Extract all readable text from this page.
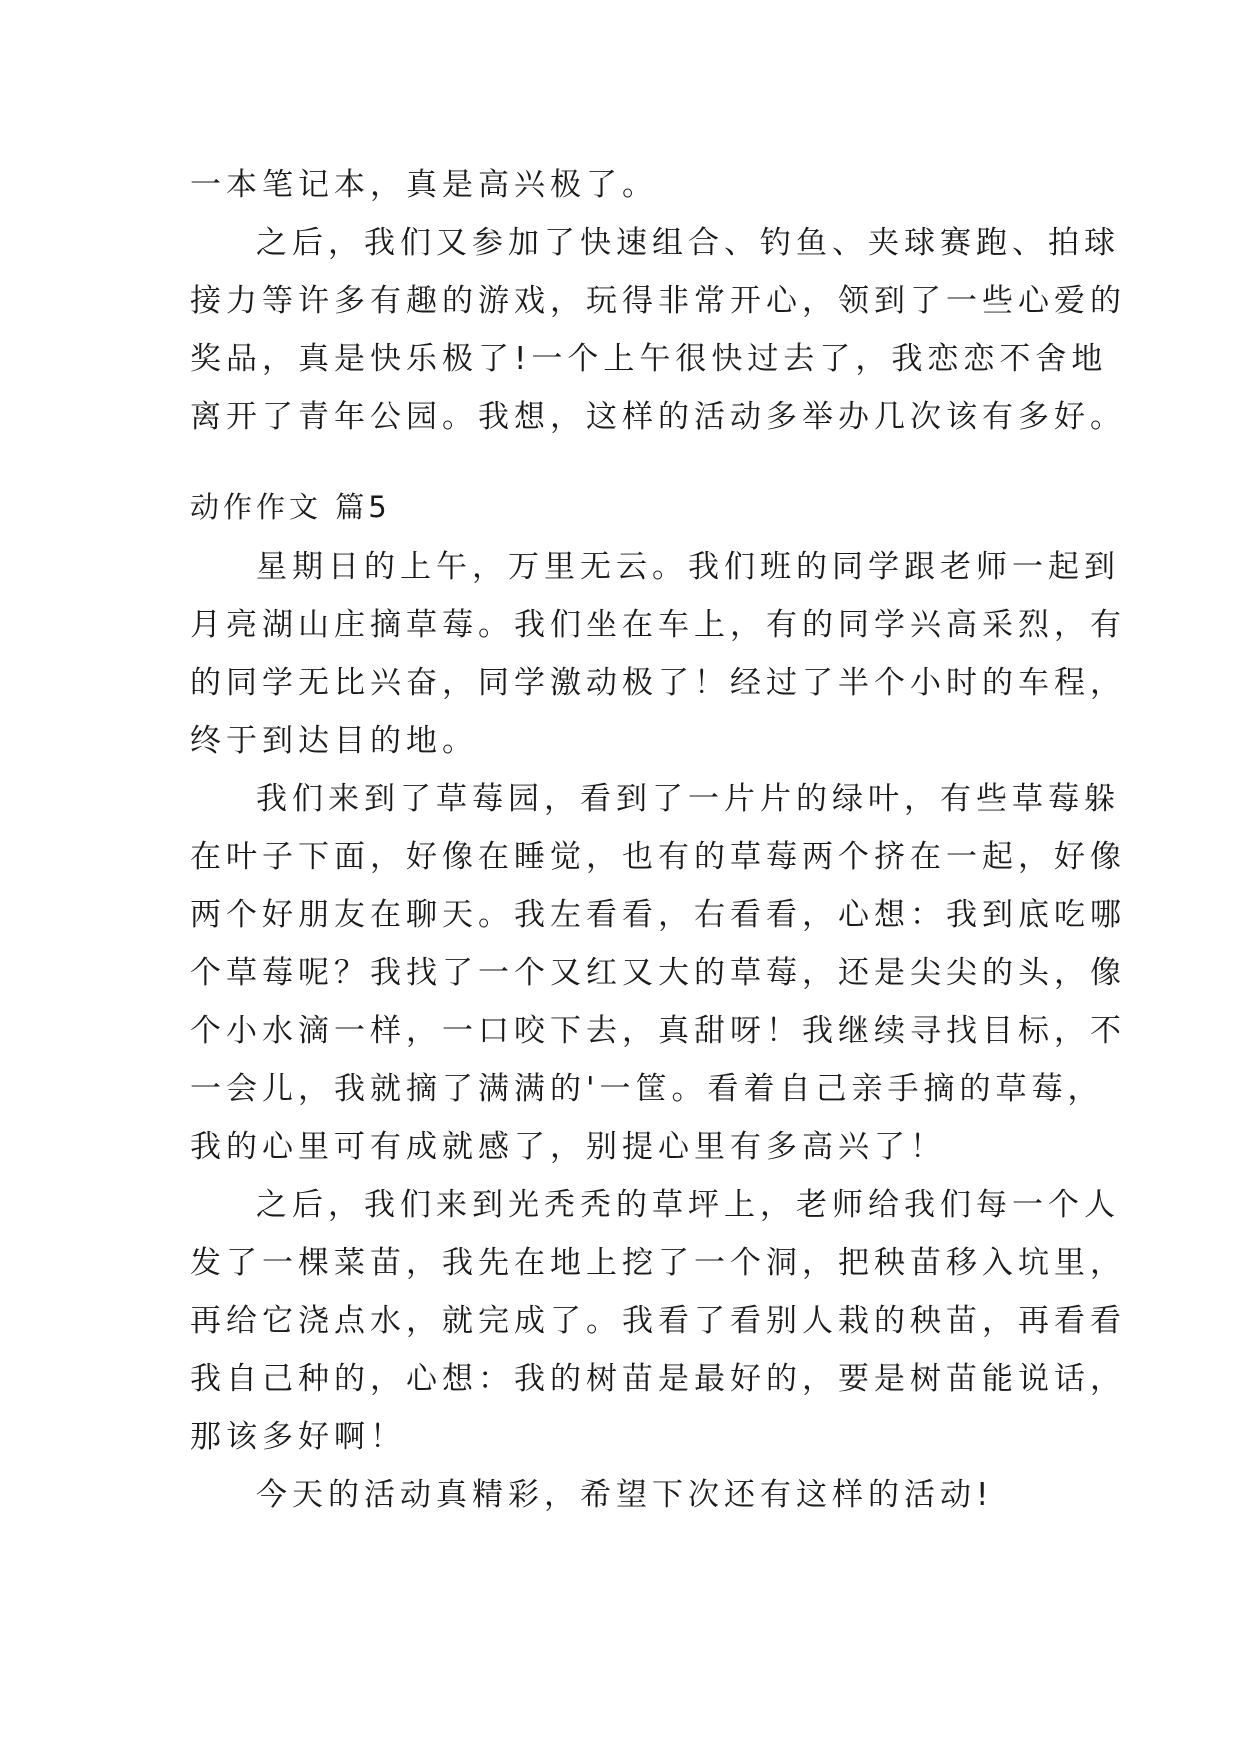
一本笔记本，真是高兴极了。
之后，我们又参加了快速组合、钓鱼、夹球赛跑、拍球
接力等许多有趣的游戏，玩得非常开心，领到了一些心爱的
奖品，真是快乐极了!一个上午很快过去了，我恋恋不舍地
离开了青年公园。我想，这样的活动多举办几次该有多好。
动作作文 篇5
星期日的上午，万里无云。我们班的同学跟老师一起到
月亮湖山庄摘草莓。我们坐在车上，有的同学兴高采烈，有
的同学无比兴奋，同学激动极了！经过了半个小时的车程，
终于到达目的地。
我们来到了草莓园，看到了一片片的绿叶，有些草莓躲
在叶子下面，好像在睡觉，也有的草莓两个挤在一起，好像
两个好朋友在聊天。我左看看，右看看，心想：我到底吃哪
个草莓呢？我找了一个又红又大的草莓，还是尖尖的头，像
个小水滴一样，一口咬下去，真甜呀！我继续寻找目标，不
一会儿，我就摘了满满的'一筐。看着自己亲手摘的草莓，
我的心里可有成就感了，别提心里有多高兴了！
之后，我们来到光秃秃的草坪上，老师给我们每一个人
发了一棵菜苗，我先在地上挖了一个洞，把秧苗移入坑里，
再给它浇点水，就完成了。我看了看别人栽的秧苗，再看看
我自己种的，心想：我的树苗是最好的，要是树苗能说话，
那该多好啊！
今天的活动真精彩，希望下次还有这样的活动!
